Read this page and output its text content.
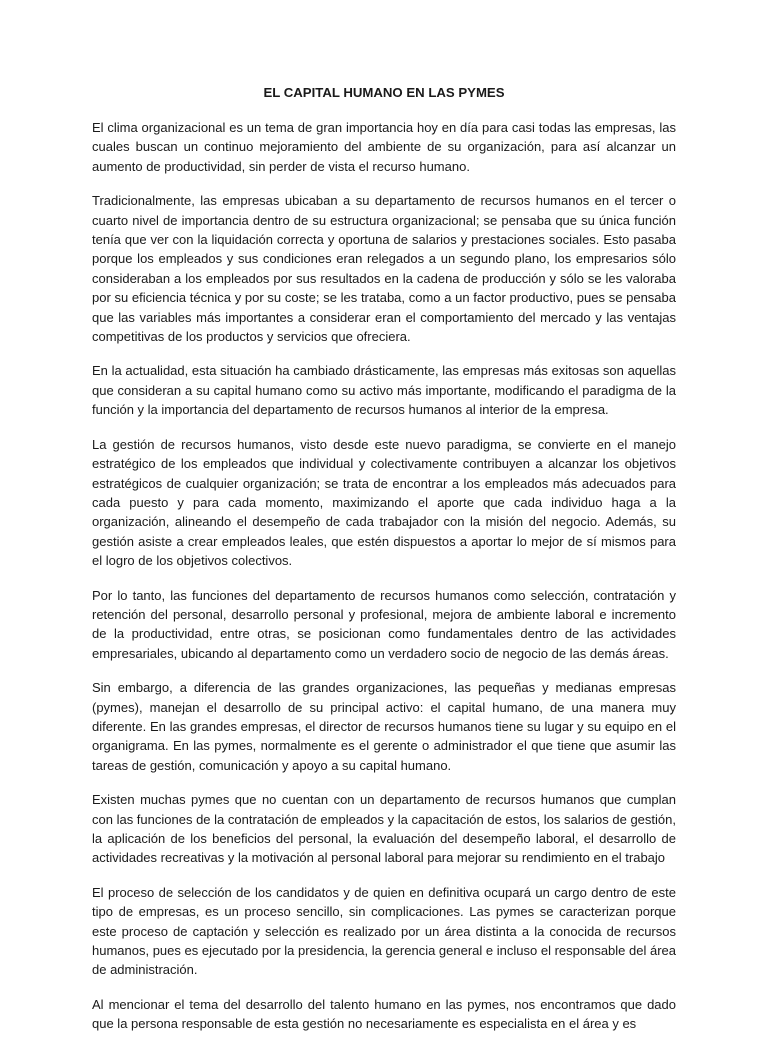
EL CAPITAL HUMANO EN LAS PYMES

El clima organizacional es un tema de gran importancia hoy en día para casi todas las empresas, las cuales buscan un continuo mejoramiento del ambiente de su organización, para así alcanzar un aumento de productividad, sin perder de vista el recurso humano.

Tradicionalmente, las empresas ubicaban a su departamento de recursos humanos en el tercer o cuarto nivel de importancia dentro de su estructura organizacional; se pensaba que su única función tenía que ver con la liquidación correcta y oportuna de salarios y prestaciones sociales. Esto pasaba porque los empleados y sus condiciones eran relegados a un segundo plano, los empresarios sólo consideraban a los empleados por sus resultados en la cadena de producción y sólo se les valoraba por su eficiencia técnica y por su coste; se les trataba, como a un factor productivo, pues se pensaba que las variables más importantes a considerar eran el comportamiento del mercado y las ventajas competitivas de los productos y servicios que ofreciera.

En la actualidad, esta situación ha cambiado drásticamente, las empresas más exitosas son aquellas que consideran a su capital humano como su activo más importante, modificando el paradigma de la función y la importancia del departamento de recursos humanos al interior de la empresa.

La gestión de recursos humanos, visto desde este nuevo paradigma, se convierte en el manejo estratégico de los empleados que individual y colectivamente contribuyen a alcanzar los objetivos estratégicos de cualquier organización; se trata de encontrar a los empleados más adecuados para cada puesto y para cada momento, maximizando el aporte que cada individuo haga a la organización, alineando el desempeño de cada trabajador con la misión del negocio. Además, su gestión asiste a crear empleados leales, que estén dispuestos a aportar lo mejor de sí mismos para el logro de los objetivos colectivos.

Por lo tanto, las funciones del departamento de recursos humanos como selección, contratación y retención del personal, desarrollo personal y profesional, mejora de ambiente laboral e incremento de la productividad, entre otras, se posicionan como fundamentales dentro de las actividades empresariales, ubicando al departamento como un verdadero socio de negocio de las demás áreas.

Sin embargo, a diferencia de las grandes organizaciones, las pequeñas y medianas empresas (pymes), manejan el desarrollo de su principal activo: el capital humano, de una manera muy diferente. En las grandes empresas, el director de recursos humanos tiene su lugar y su equipo en el organigrama. En las pymes, normalmente es el gerente o administrador el que tiene que asumir las tareas de gestión, comunicación y apoyo a su capital humano.

Existen muchas pymes que no cuentan con un departamento de recursos humanos que cumplan con las funciones de la contratación de empleados y la capacitación de estos, los salarios de gestión, la aplicación de los beneficios del personal, la evaluación del desempeño laboral, el desarrollo de actividades recreativas y la motivación al personal laboral para mejorar su rendimiento en el trabajo

El proceso de selección de los candidatos y de quien en definitiva ocupará un cargo dentro de este tipo de empresas, es un proceso sencillo, sin complicaciones. Las pymes se caracterizan porque este proceso de captación y selección es realizado por un área distinta a la conocida de recursos humanos, pues es ejecutado por la presidencia, la gerencia general e incluso el responsable del área de administración.

Al mencionar el tema del desarrollo del talento humano en las pymes, nos encontramos que dado que la persona responsable de esta gestión no necesariamente es especialista en el área y es
